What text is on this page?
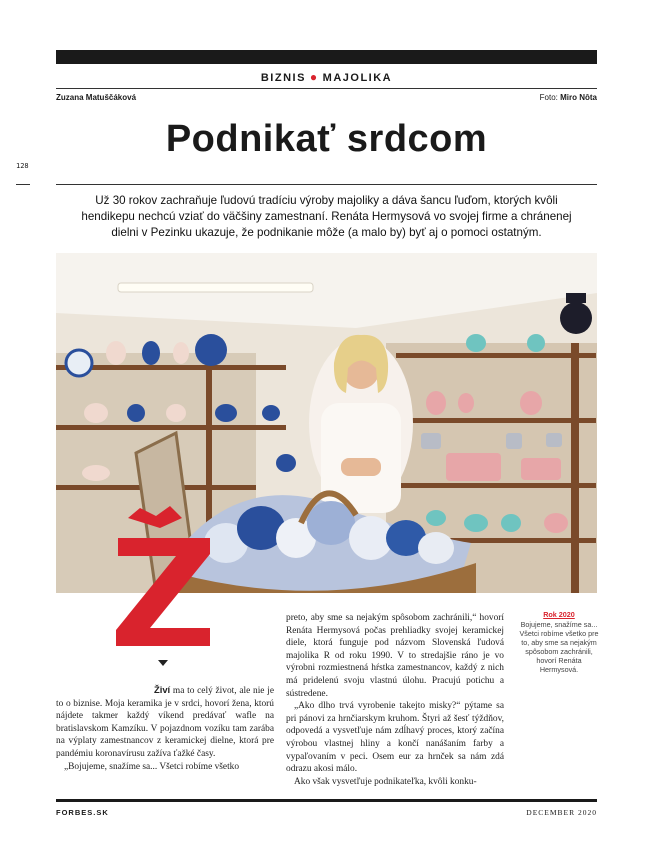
BIZNIS ● MAJOLIKA
Zuzana Matuščáková	Foto: Miro Nôta
128
Podnikať srdcom
Už 30 rokov zachraňuje ľudovú tradíciu výroby majoliky a dáva šancu ľuďom, ktorých kvôli hendikepu nechcú vziať do väčšiny zamestnaní. Renáta Hermysová vo svojej firme a chránenej dielni v Pezinku ukazuje, že podnikanie môže (a malo by) byť aj o pomoci ostatným.

Živí ma to celý život, ale nie je to o biznise. Moja keramika je v srdci, hovorí žena, ktorú nájdete takmer každý víkend predávať wafle na bratislavskom Kamzíku. V pojazdnom vozíku tam zarába na výplaty zamestnancov z keramickej dielne, ktorá pre pandémiu koronavírusu zažíva ťažké časy.

„Bojujeme, snažíme sa... Všetci robíme všetko

preto, aby sme sa nejakým spôsobom zachránili,“ hovorí Renáta Hermysová počas prehliadky svojej keramickej diele, ktorá funguje pod názvom Slovenská ľudová majolika R od roku 1990. V to stredajšie ráno je vo výrobni rozmiestnená hŕstka zamestnancov, každý z nich má pridelenú svoju vlastnú úlohu. Pracujú potichu a sústredene.

„Ako dlho trvá vyrobenie takejto misky?“ pýtame sa pri pánovi za hrnčiarskym kruhom. Štyri až šesť týždňov, odpovedá a vysvetľuje nám zdĺhavý proces, ktorý začína výrobou vlastnej hliny a končí nanášaním farby a vypaľovaním v peci. Osem eur za hrnček sa nám zdá odrazu akosi málo.

Ako však vysvetľuje podnikateľka, kvôli konku-

Rok 2020
Bojujeme, snažíme sa... Všetci robíme všetko pre to, aby sme sa nejakým spôsobom zachránili, hovorí Renáta Hermysová.
FORBES.SK	DECEMBER 2020
